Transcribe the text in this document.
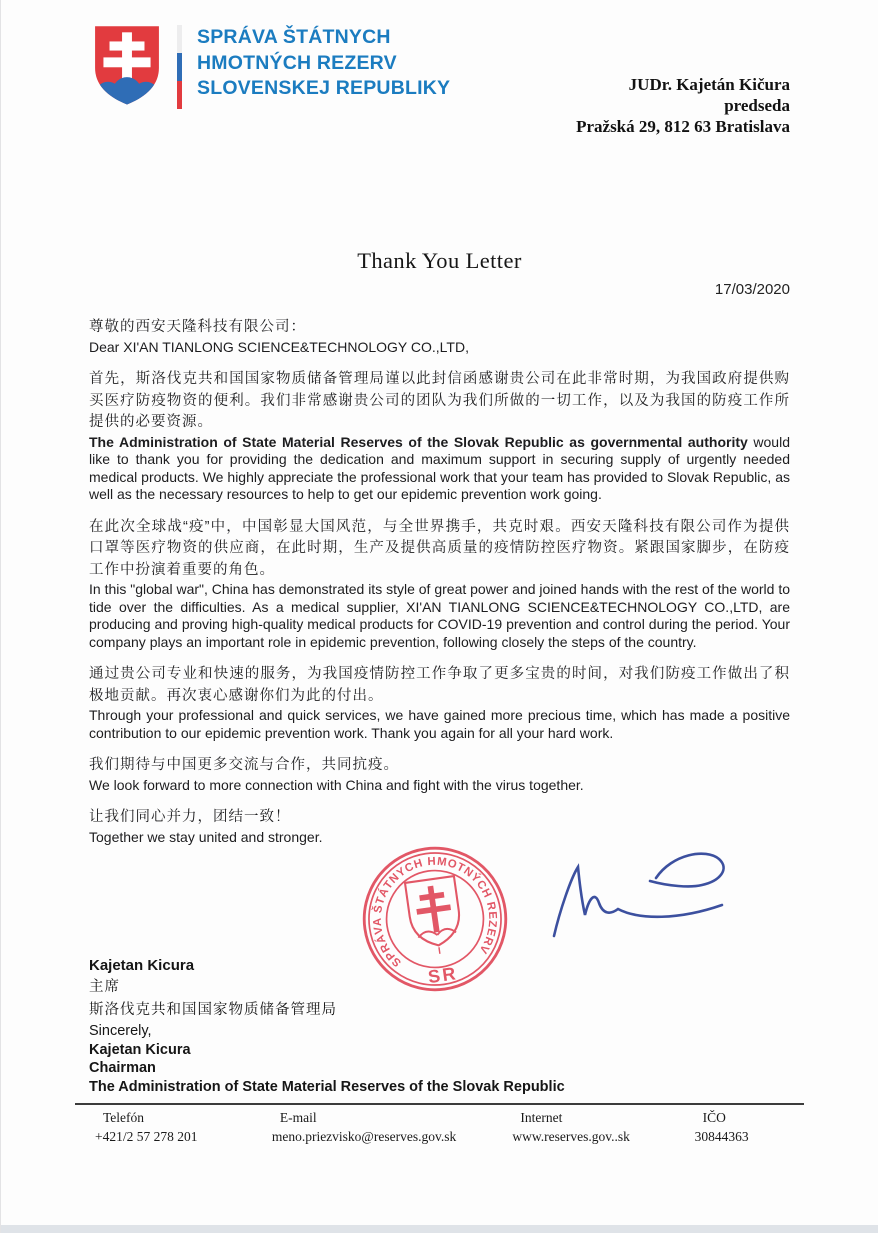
SPRÁVA ŠTÁTNYCH
HMOTNÝCH REZERV
SLOVENSKEJ REPUBLIKY	JUDr. Kajetán Kičura
predseda
Pražská 29, 812 63 Bratislava
Thank You Letter
17/03/2020

尊敬的西安天隆科技有限公司：

Dear XI'AN TIANLONG SCIENCE&TECHNOLOGY CO.,LTD,

首先，斯洛伐克共和国国家物质储备管理局谨以此封信函感谢贵公司在此非常时期，为我国政府提供购买医疗防疫物资的便利。我们非常感谢贵公司的团队为我们所做的一切工作，以及为我国的防疫工作所提供的必要资源。

The Administration of State Material Reserves of the Slovak Republic as governmental authority would like to thank you for providing the dedication and maximum support in securing supply of urgently needed medical products. We highly appreciate the professional work that your team has provided to Slovak Republic, as well as the necessary resources to help to get our epidemic prevention work going.

在此次全球战“疫”中，中国彰显大国风范，与全世界携手，共克时艰。西安天隆科技有限公司作为提供口罩等医疗物资的供应商，在此时期，生产及提供高质量的疫情防控医疗物资。紧跟国家脚步，在防疫工作中扮演着重要的角色。

In this "global war", China has demonstrated its style of great power and joined hands with the rest of the world to tide over the difficulties. As a medical supplier, XI'AN TIANLONG SCIENCE&TECHNOLOGY CO.,LTD, are producing and proving high-quality medical products for COVID-19 prevention and control during the period. Your company plays an important role in epidemic prevention, following closely the steps of the country.

通过贵公司专业和快速的服务，为我国疫情防控工作争取了更多宝贵的时间，对我们防疫工作做出了积极地贡献。再次衷心感谢你们为此的付出。

Through your professional and quick services, we have gained more precious time, which has made a positive contribution to our epidemic prevention work. Thank you again for all your hard work.

我们期待与中国更多交流与合作，共同抗疫。

We look forward to more connection with China and fight with the virus together.

让我们同心并力，团结一致！

Together we stay united and stronger.

SPRÁVA ŠTÁTNYCH HMOTNÝCH REZERV
SR
Kajetan Kicura
主席
斯洛伐克共和国国家物质储备管理局
Sincerely,
Kajetan Kicura
Chairman
The Administration of State Material Reserves of the Slovak Republic
Telefón
+421/2 57 278 201
E-mail
meno.priezvisko@reserves.gov.sk
Internet
www.reserves.gov..sk
IČO
30844363
